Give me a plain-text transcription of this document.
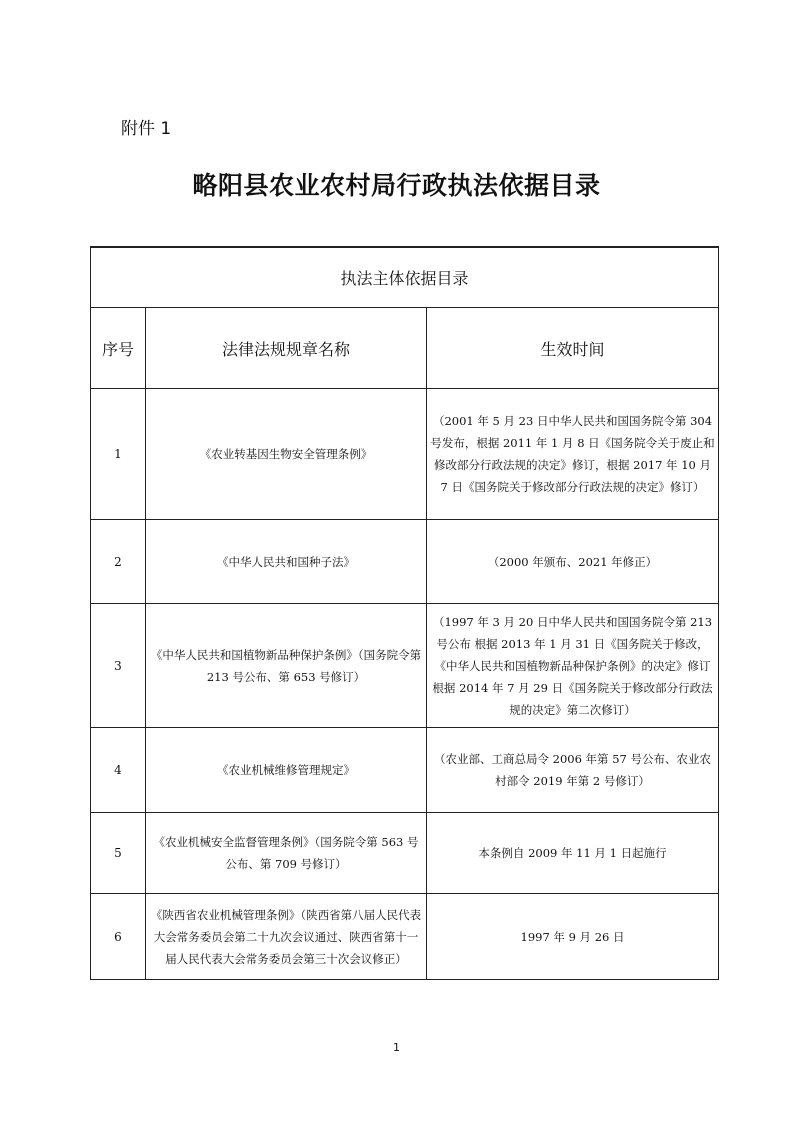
附件 1
略阳县农业农村局行政执法依据目录
执法主体依据目录		
序号	法律法规规章名称	生效时间
1	《农业转基因生物安全管理条例》	（2001 年 5 月 23 日中华人民共和国国务院令第 304 号发布，根据 2011 年 1 月 8 日《国务院令关于废止和修改部分行政法规的决定》修订，根据 2017 年 10 月 7 日《国务院关于修改部分行政法规的决定》修订）
2	《中华人民共和国种子法》	（2000 年颁布、2021 年修正）
3	《中华人民共和国植物新品种保护条例》（国务院令第 213 号公布、第 653 号修订）	（1997 年 3 月 20 日中华人民共和国国务院令第 213 号公布 根据 2013 年 1 月 31 日《国务院关于修改，《中华人民共和国植物新品种保护条例》的决定》修订 根据 2014 年 7 月 29 日《国务院关于修改部分行政法规的决定》第二次修订）
4	《农业机械维修管理规定》	（农业部、工商总局令 2006 年第 57 号公布、农业农村部令 2019 年第 2 号修订）
5	《农业机械安全监督管理条例》（国务院令第 563 号公布、第 709 号修订）	本条例自 2009 年 11 月 1 日起施行
6	《陕西省农业机械管理条例》（陕西省第八届人民代表大会常务委员会第二十九次会议通过、陕西省第十一届人民代表大会常务委员会第三十次会议修正）	1997 年 9 月 26 日
1
